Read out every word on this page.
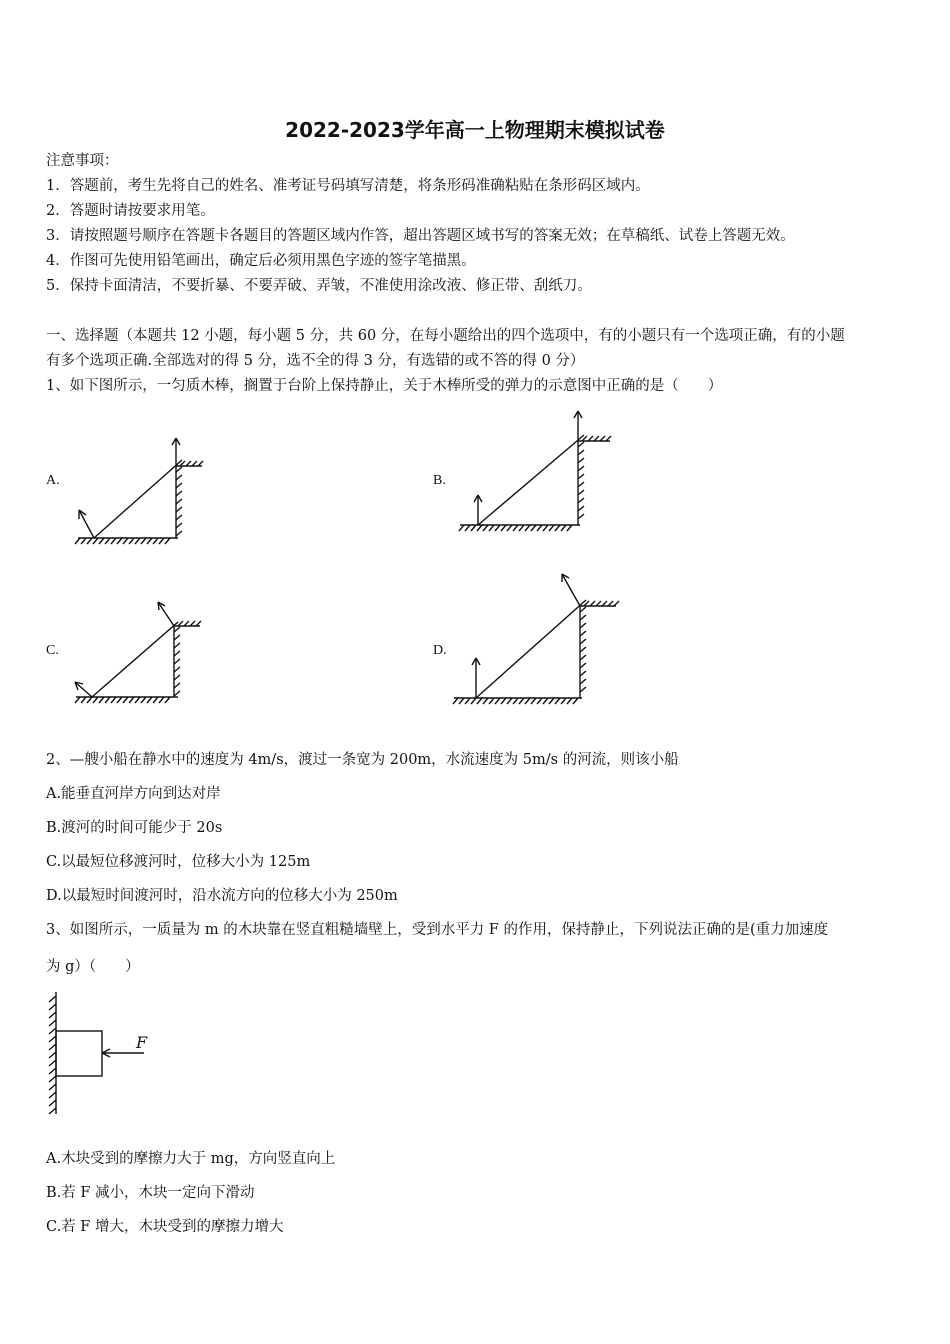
2022-2023学年高一上物理期末模拟试卷
注意事项：
1．答题前，考生先将自己的姓名、准考证号码填写清楚，将条形码准确粘贴在条形码区域内。
2．答题时请按要求用笔。
3．请按照题号顺序在答题卡各题目的答题区域内作答，超出答题区域书写的答案无效；在草稿纸、试卷上答题无效。
4．作图可先使用铅笔画出，确定后必须用黑色字迹的签字笔描黑。
5．保持卡面清洁，不要折暴、不要弄破、弄皱，不准使用涂改液、修正带、刮纸刀。
一、选择题（本题共 12 小题，每小题 5 分，共 60 分，在每小题给出的四个选项中，有的小题只有一个选项正确，有的小题
有多个选项正确.全部选对的得 5 分，选不全的得 3 分，有选错的或不答的得 0 分）
1、如下图所示，一匀质木棒，搁置于台阶上保持静止，关于木棒所受的弹力的示意图中正确的是（　　）
A.	B.
C.	D.
2、—艘小船在静水中的速度为 4m/s，渡过一条宽为 200m，水流速度为 5m/s 的河流，则该小船
A.能垂直河岸方向到达对岸
B.渡河的时间可能少于 20s
C.以最短位移渡河时，位移大小为 125m
D.以最短时间渡河时，沿水流方向的位移大小为 250m
3、如图所示，一质量为 m 的木块靠在竖直粗糙墙壁上，受到水平力 F 的作用，保持静止，下列说法正确的是(重力加速度
为 g）（　　）
F
A.木块受到的摩擦力大于 mg，方向竖直向上
B.若 F 减小，木块一定向下滑动
C.若 F 增大，木块受到的摩擦力增大
